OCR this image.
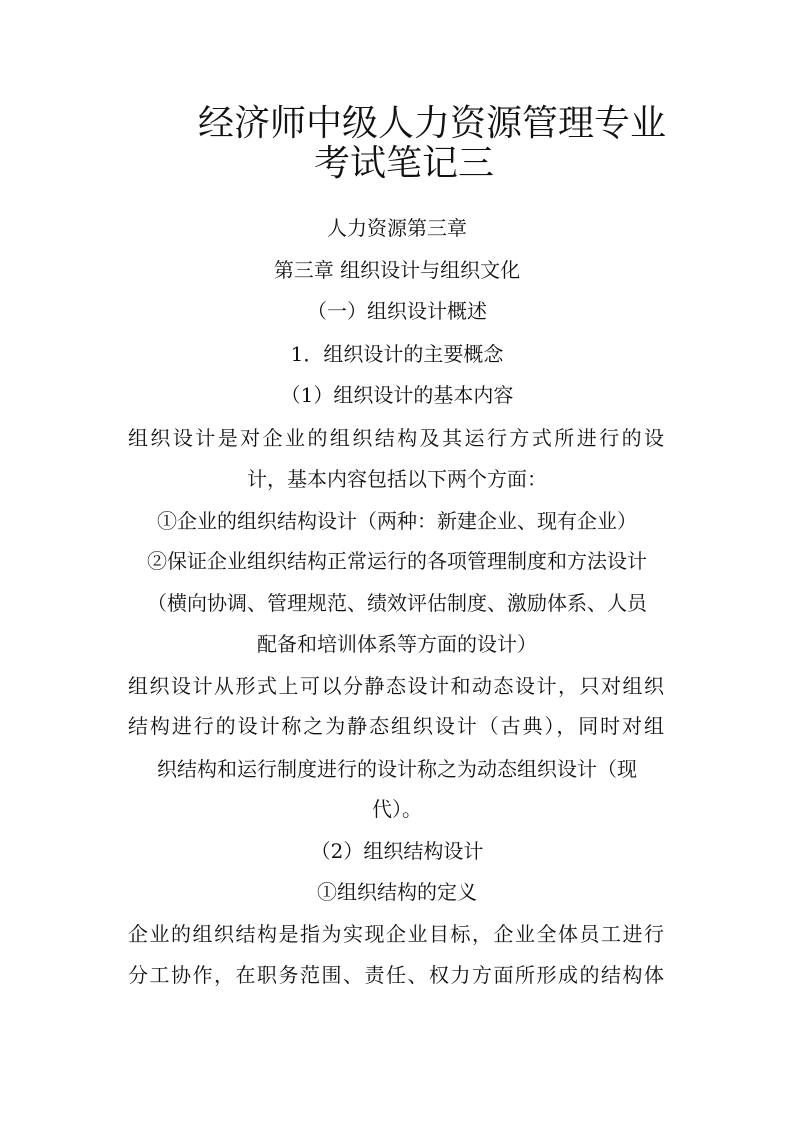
经济师中级人力资源管理专业
考试笔记三
人力资源第三章
第三章 组织设计与组织文化
（一）组织设计概述
1．组织设计的主要概念
（1）组织设计的基本内容
组织设计是对企业的组织结构及其运行方式所进行的设
计，基本内容包括以下两个方面：
①企业的组织结构设计（两种：新建企业、现有企业）
②保证企业组织结构正常运行的各项管理制度和方法设计
（横向协调、管理规范、绩效评估制度、激励体系、人员
配备和培训体系等方面的设计）
组织设计从形式上可以分静态设计和动态设计，只对组织
结构进行的设计称之为静态组织设计（古典），同时对组
织结构和运行制度进行的设计称之为动态组织设计（现
代）。
（2）组织结构设计
①组织结构的定义
企业的组织结构是指为实现企业目标，企业全体员工进行
分工协作，在职务范围、责任、权力方面所形成的结构体
